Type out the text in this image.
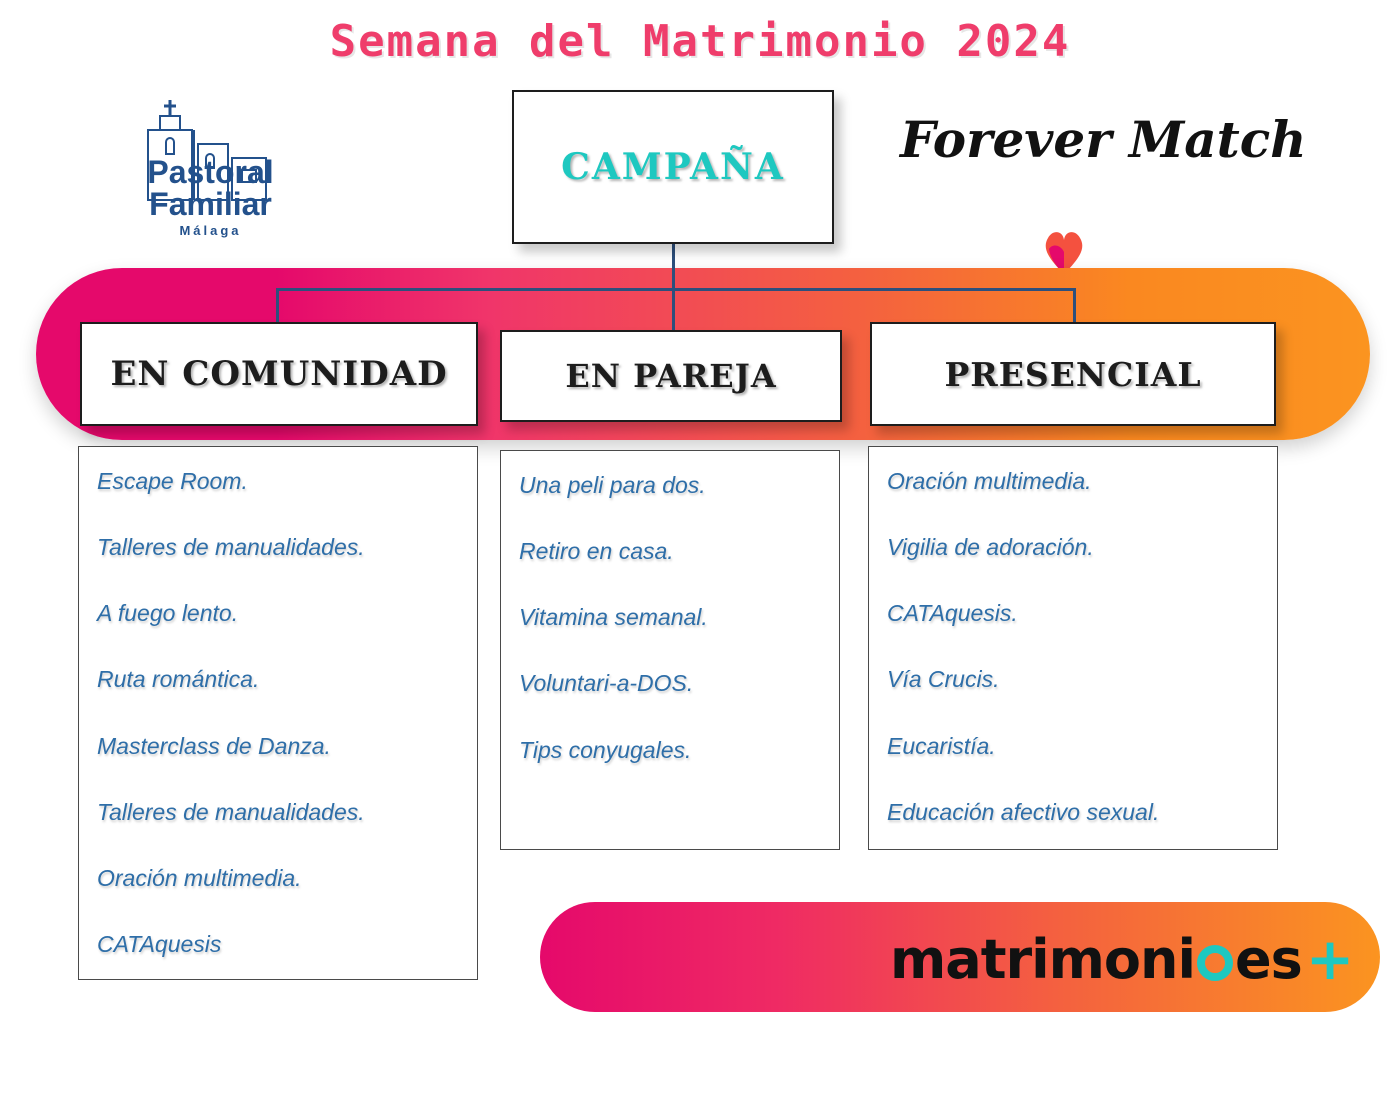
Semana del Matrimonio 2024
Pastoral
Familiar
Málaga
Forever Match
CAMPAÑA
EN COMUNIDAD	EN PAREJA	PRESENCIAL
Escape Room.
Talleres de manualidades.
A fuego lento.
Ruta romántica.
Masterclass de Danza.
Talleres de manualidades.
Oración multimedia.
CATAquesis
Una peli para dos.
Retiro en casa.
Vitamina semanal.
Voluntari-a-DOS.
Tips conyugales.
Oración multimedia.
Vigilia de adoración.
CATAquesis.
Vía Crucis.
Eucaristía.
Educación afectivo sexual.
matrimoni es +
